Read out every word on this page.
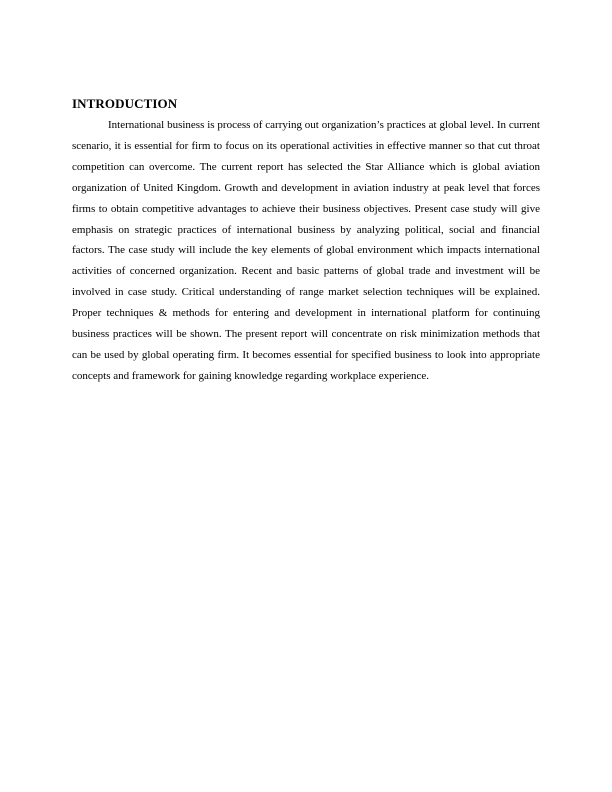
INTRODUCTION

International business is process of carrying out organization’s practices at global level. In current scenario, it is essential for firm to focus on its operational activities in effective manner so that cut throat competition can overcome. The current report has selected the Star Alliance which is global aviation organization of United Kingdom. Growth and development in aviation industry at peak level that forces firms to obtain competitive advantages to achieve their business objectives. Present case study will give emphasis on strategic practices of international business by analyzing political, social and financial factors. The case study will include the key elements of global environment which impacts international activities of concerned organization. Recent and basic patterns of global trade and investment will be involved in case study. Critical understanding of range market selection techniques will be explained. Proper techniques & methods for entering and development in international platform for continuing business practices will be shown. The present report will concentrate on risk minimization methods that can be used by global operating firm. It becomes essential for specified business to look into appropriate concepts and framework for gaining knowledge regarding workplace experience.
